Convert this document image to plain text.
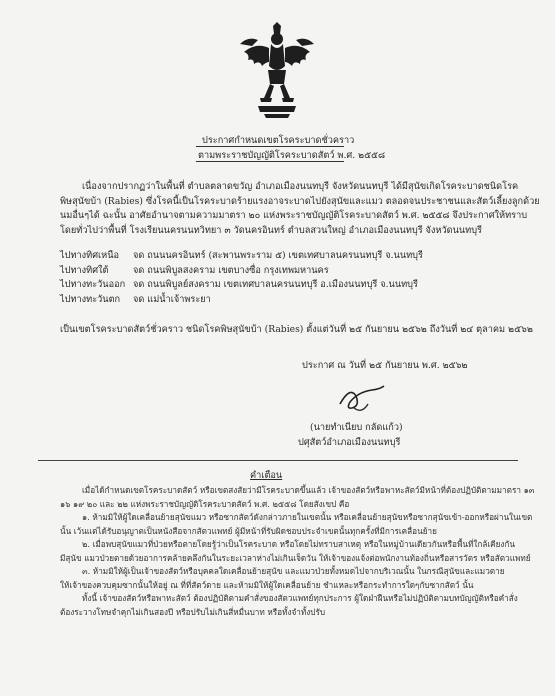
ประกาศกำหนดเขตโรคระบาดชั่วคราว
ตามพระราชบัญญัติโรคระบาดสัตว์ พ.ศ. ๒๕๕๘

เนื่องจากปรากฏว่าในพื้นที่ ตำบลตลาดขวัญ อำเภอเมืองนนทบุรี จังหวัดนนทบุรี ได้มีสุนัขเกิดโรคระบาดชนิดโรค

พิษสุนัขบ้า (Rabies) ซึ่งโรคนี้เป็นโรคระบาดร้ายแรงอาจระบาดไปยังสุนัขและแมว ตลอดจนประชาชนและสัตว์เลี้ยงลูกด้วย

นมอื่นๆได้ ฉะนั้น อาศัยอำนาจตามความมาตรา ๒๐ แห่งพระราชบัญญัติโรคระบาดสัตว์ พ.ศ. ๒๕๕๘ จึงประกาศให้ทราบ

โดยทั่วไปว่าพื้นที่ โรงเรียนนครนนทวิทยา ๓ วัดนครอินทร์ ตำบลสวนใหญ่ อำเภอเมืองนนทบุรี จังหวัดนนทบุรี

ไปทางทิศเหนือ	จด ถนนนครอินทร์ (สะพานพระราม ๕) เขตเทศบาลนครนนทบุรี จ.นนทบุรี
ไปทางทิศใต้	จด ถนนพิบูลสงคราม เขตบางซื่อ กรุงเทพมหานคร
ไปทางทะวันออก จด ถนนพิบูลย์สงคราม เขตเทศบาลนครนนทบุรี อ.เมืองนนทบุรี จ.นนทบุรี
ไปทางทะวันตก	จด แม่น้ำเจ้าพระยา
เป็นเขตโรคระบาดสัตว์ชั่วคราว ชนิดโรคพิษสุนัขบ้า (Rabies) ตั้งแต่วันที่ ๒๕ กันยายน ๒๕๖๒ ถึงวันที่ ๒๔ ตุลาคม ๒๕๖๒
ประกาศ ณ วันที่ ๒๕ กันยายน พ.ศ. ๒๕๖๒
(นายทำเนียบ กลัดแก้ว)
ปศุสัตว์อำเภอเมืองนนทบุรี
คำเตือน

เมื่อได้กำหนดเขตโรคระบาดสัตว์ หรือเขตสงสัยว่ามีโรคระบาดขึ้นแล้ว เจ้าของสัตว์หรือพาหะสัตว์มีหน้าที่ต้องปฏิบัติตามมาตรา ๑๓

๑๖ ๑๙ ๒๐ และ ๒๒ แห่งพระราชบัญญัติโรคระบาดสัตว์ พ.ศ. ๒๕๕๘ โดยสังเขป คือ

๑. ห้ามมิให้ผู้ใดเคลื่อนย้ายสุนัขแมว หรือซากสัตว์ดังกล่าวภายในเขตนั้น หรือเคลื่อนย้ายสุนัขหรือซากสุนัขเข้า-ออกหรือผ่านในเขต

นั้น เว้นแต่ได้รับอนุญาตเป็นหนังสือจากสัตวแพทย์ ผู้มีหน้าที่รับผิดชอบประจำเขตนั้นทุกครั้งที่มีการเคลื่อนย้าย

๒. เมื่อพบสุนัขแมวที่ป่วยหรือตายโดยรู้ว่าเป็นโรคระบาด หรือโดยไม่ทราบสาเหตุ หรือในหมู่บ้านเดียวกันหรือพื้นที่ใกล้เคียงกัน

มีสุนัข แมวป่วยตายด้วยอาการคล้ายคลึงกันในระยะเวลาห่างไม่เกินเจ็ดวัน ให้เจ้าของแจ้งต่อพนักงานท้องถิ่นหรือสารวัตร หรือสัตวแพทย์

๓. ห้ามมิให้ผู้เป็นเจ้าของสัตว์หรือบุคคลใดเคลื่อนย้ายสุนัข และแมวป่วยทั้งหมดไปจากบริเวณนั้น ในกรณีสุนัขและแมวตาย

ให้เจ้าของควบคุมซากนั้นให้อยู่ ณ ที่ที่สัตว์ตาย และห้ามมิให้ผู้ใดเคลื่อนย้าย ชำแหละหรือกระทำการใดๆกับซากสัตว์ นั้น

ทั้งนี้ เจ้าของสัตว์หรือพาหะสัตว์ ต้องปฏิบัติตามคำสั่งของสัตวแพทย์ทุกประการ ผู้ใดฝ่าฝืนหรือไม่ปฏิบัติตามบทบัญญัติหรือคำสั่ง

ต้องระวางโทษจำคุกไม่เกินสองปี หรือปรับไม่เกินสี่หมื่นบาท หรือทั้งจำทั้งปรับ
